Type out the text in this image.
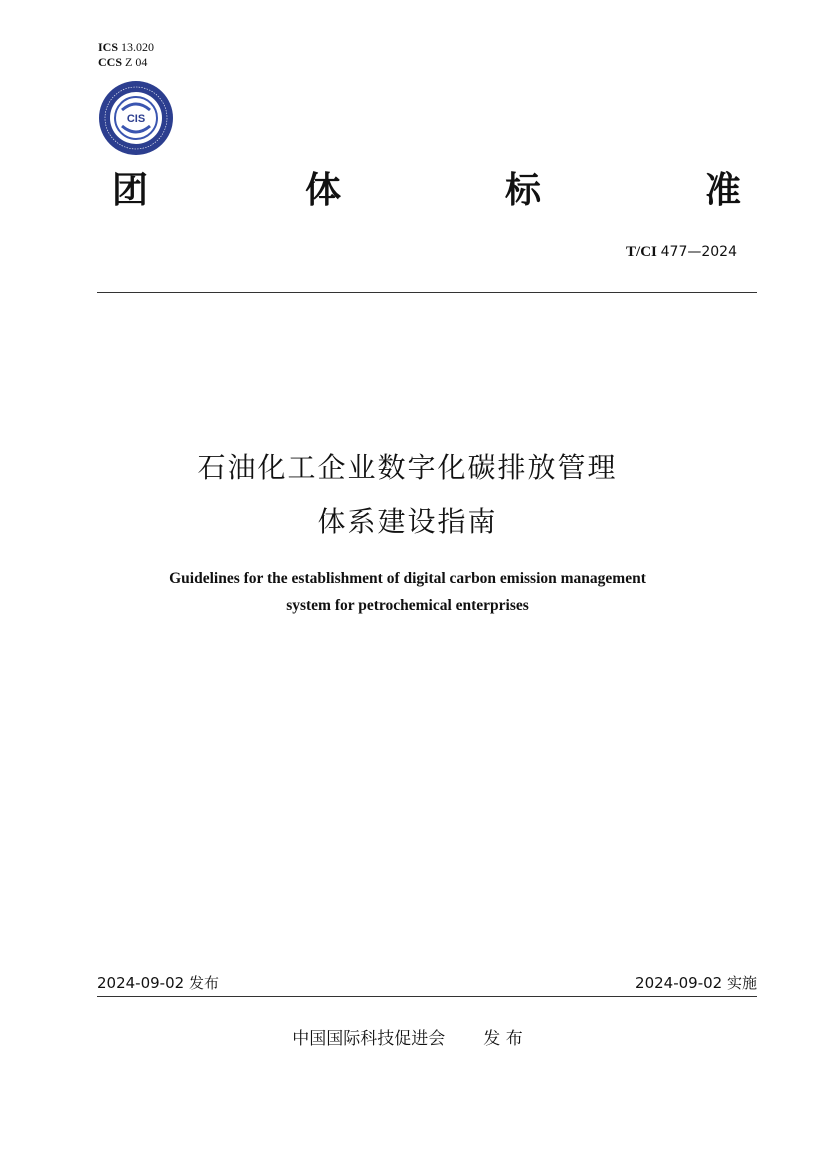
ICS 13.020
CCS Z 04
CIS
团	体	标	准
T/CI 477—2024
石油化工企业数字化碳排放管理
体系建设指南
Guidelines for the establishment of digital carbon emission management
system for petrochemical enterprises
2024-09-02 发布	2024-09-02 实施
中国国际科技促进会 发 布
